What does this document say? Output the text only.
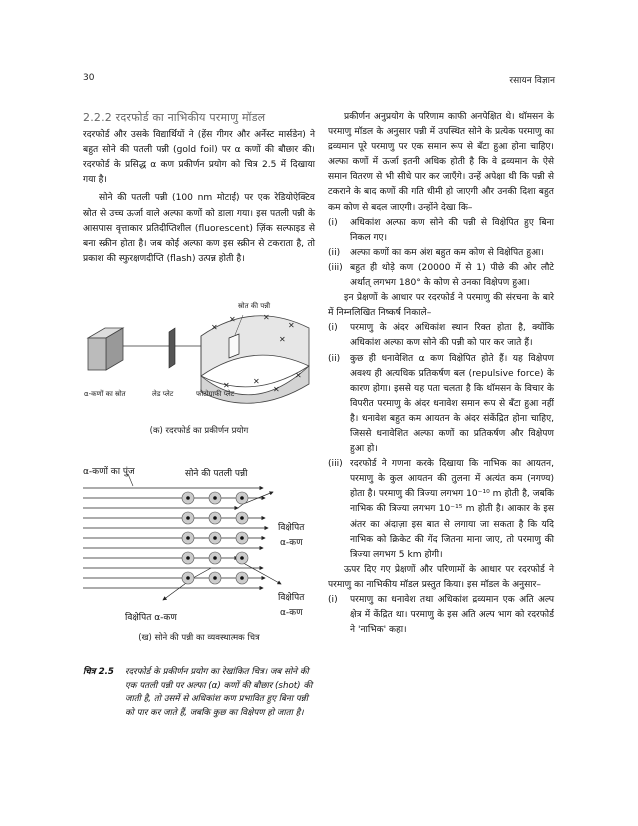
30	रसायन विज्ञान
2.2.2 रदरफोर्ड का नाभिकीय परमाणु मॉडल

रदरफोर्ड और उसके विद्यार्थियों ने (हेंस गीगर और अर्नेस्ट मार्सडेन) ने बहुत सोने की पतली पन्नी (gold foil) पर α कणों की बौछार की। रदरफोर्ड के प्रसिद्ध α कण प्रकीर्णन प्रयोग को चित्र 2.5 में दिखाया गया है।

सोने की पतली पन्नी (100 nm मोटाई) पर एक रेडियोऐक्टिव स्रोत से उच्च ऊर्जा वाले अल्फा कणों को डाला गया। इस पतली पन्नी के आसपास वृत्ताकार प्रतिदीप्तिशील (fluorescent) ज़िंक सल्फाइड से बना स्क्रीन होता है। जब कोई अल्फा कण इस स्क्रीन से टकराता है, तो प्रकाश की स्फुरक्षणदीप्ति (flash) उत्पन्न होती है।

✕
✕	✕
✕
✕
✕
✕	✕
✕
स्रोत की पन्नी
α-कणों का स्रोत	लेड प्लेट	फोटोग्राफी प्लेट
(क) रदरफोर्ड का प्रकीर्णन प्रयोग
α-कणों का पुंज	सोने की पतली पन्नी
विक्षेपित
α-कण
विक्षेपित
α-कण
विक्षेपित α-कण
(ख) सोने की पन्नी का व्यवस्थात्मक चित्र
चित्र 2.5	रदरफोर्ड के प्रकीर्णन प्रयोग का रेखांकित चित्र। जब सोने की एक पतली पन्नी पर अल्फा (α) कणों की बौछार (shot) की जाती है, तो उसमें से अधिकांश कण प्रभावित हुए बिना पन्नी को पार कर जाते हैं, जबकि कुछ का विक्षेपण हो जाता है।

प्रकीर्णन अनुप्रयोग के परिणाम काफी अनपेक्षित थे। थॉमसन के परमाणु मॉडल के अनुसार पन्नी में उपस्थित सोने के प्रत्येक परमाणु का द्रव्यमान पूरे परमाणु पर एक समान रूप से बँटा हुआ होना चाहिए। अल्फा कणों में ऊर्जा इतनी अधिक होती है कि वे द्रव्यमान के ऐसे समान वितरण से भी सीधे पार कर जाएँगे। उन्हें अपेक्षा थी कि पन्नी से टकराने के बाद कणों की गति धीमी हो जाएगी और उनकी दिशा बहुत कम कोण से बदल जाएगी। उन्होंने देखा कि–

(i)	अधिकांश अल्फा कण सोने की पन्नी से विक्षेपित हुए बिना निकल गए।
(ii)	अल्फा कणों का कम अंश बहुत कम कोण से विक्षेपित हुआ।
(iii) बहुत ही थोड़े कण (20000 में से 1) पीछे की ओर लौटे अर्थात् लगभग 180° के कोण से उनका विक्षेपण हुआ।

इन प्रेक्षणों के आधार पर रदरफोर्ड ने परमाणु की संरचना के बारे में निम्नलिखित निष्कर्ष निकाले–

(i)	परमाणु के अंदर अधिकांश स्थान रिक्त होता है, क्योंकि अधिकांश अल्फा कण सोने की पन्नी को पार कर जाते हैं।
(ii)	कुछ ही धनावेशित α कण विक्षेपित होते हैं। यह विक्षेपण अवश्य ही अत्यधिक प्रतिकर्षण बल (repulsive force) के कारण होगा। इससे यह पता चलता है कि थॉमसन के विचार के विपरीत परमाणु के अंदर धनावेश समान रूप से बँटा हुआ नहीं है। धनावेश बहुत कम आयतन के अंदर संकेंद्रित होना चाहिए, जिससे धनावेशित अल्फा कणों का प्रतिकर्षण और विक्षेपण हुआ हो।
(iii) रदरफोर्ड ने गणना करके दिखाया कि नाभिक का आयतन, परमाणु के कुल आयतन की तुलना में अत्यंत कम (नगण्य) होता है। परमाणु की त्रिज्या लगभग 10⁻¹⁰ m होती है, जबकि नाभिक की त्रिज्या लगभग 10⁻¹⁵ m होती है। आकार के इस अंतर का अंदाज़ा इस बात से लगाया जा सकता है कि यदि नाभिक को क्रिकेट की गेंद जितना माना जाए, तो परमाणु की त्रिज्या लगभग 5 km होगी।

ऊपर दिए गए प्रेक्षणों और परिणामों के आधार पर रदरफोर्ड ने परमाणु का नाभिकीय मॉडल प्रस्तुत किया। इस मॉडल के अनुसार–

(i)	परमाणु का धनावेश तथा अधिकांश द्रव्यमान एक अति अल्प क्षेत्र में केंद्रित था। परमाणु के इस अति अल्प भाग को रदरफोर्ड ने 'नाभिक' कहा।
